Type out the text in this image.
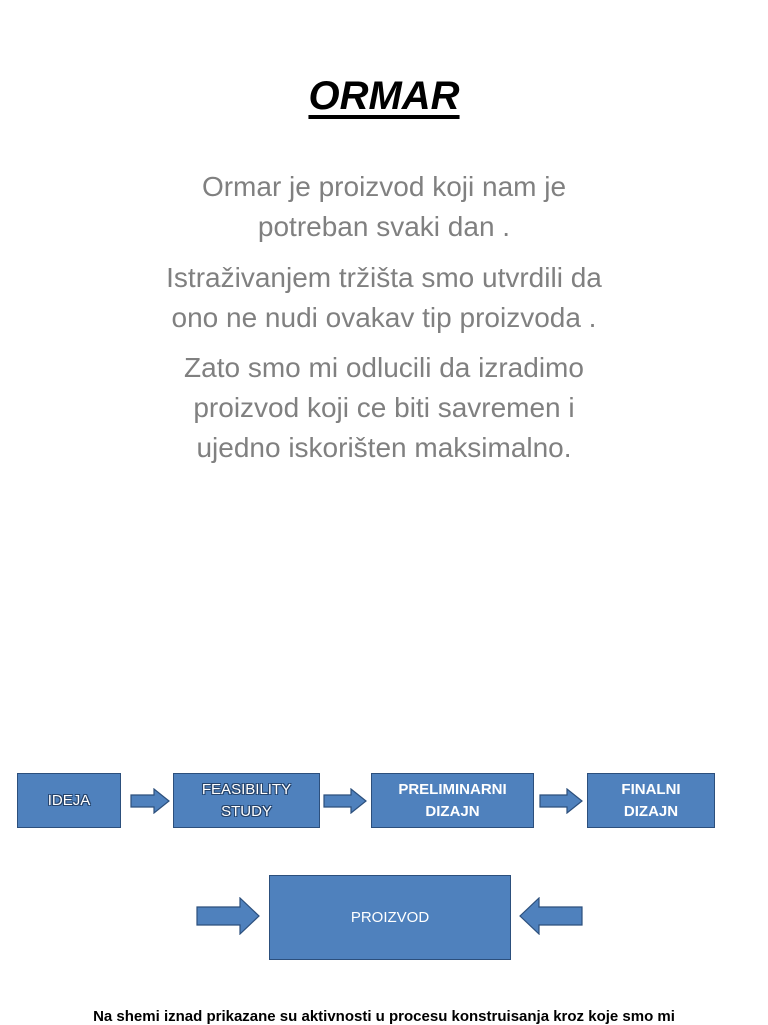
ORMAR
Ormar je proizvod koji nam je
potreban svaki dan .
Istraživanjem tržišta smo utvrdili da
ono ne nudi ovakav tip proizvoda .
Zato smo mi odlucili da izradimo
proizvod koji ce biti savremen i
ujedno iskorišten maksimalno.
IDEJA
FEASIBILITY
STUDY
PRELIMINARNI
DIZAJN
FINALNI
DIZAJN
PROIZVOD
Na shemi iznad prikazane su aktivnosti u procesu konstruisanja kroz koje smo mi
